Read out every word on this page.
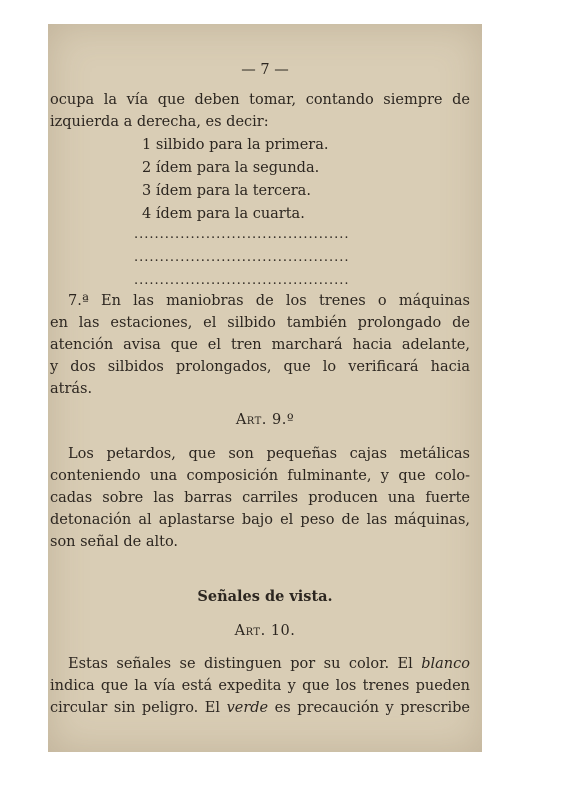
— 7 —
ocupa la vía que deben tomar, contando siempre de
izquierda a derecha, es decir:
1 silbido para la primera.
2 ídem para la segunda.
3 ídem para la tercera.
4 ídem para la cuarta.
..........................................
..........................................
..........................................
7.ª En las maniobras de los trenes o máquinas
en las estaciones, el silbido también prolongado de
atención avisa que el tren marchará hacia adelante,
y dos silbidos prolongados, que lo verificará hacia
atrás.
Art. 9.º
Los petardos, que son pequeñas cajas metálicas
conteniendo una composición fulminante, y que colo-
cadas sobre las barras carriles producen una fuerte
detonación al aplastarse bajo el peso de las máquinas,
son señal de alto.
Señales de vista.
Art. 10.
Estas señales se distinguen por su color. El blanco
indica que la vía está expedita y que los trenes pueden
circular sin peligro. El verde es precaución y prescribe
